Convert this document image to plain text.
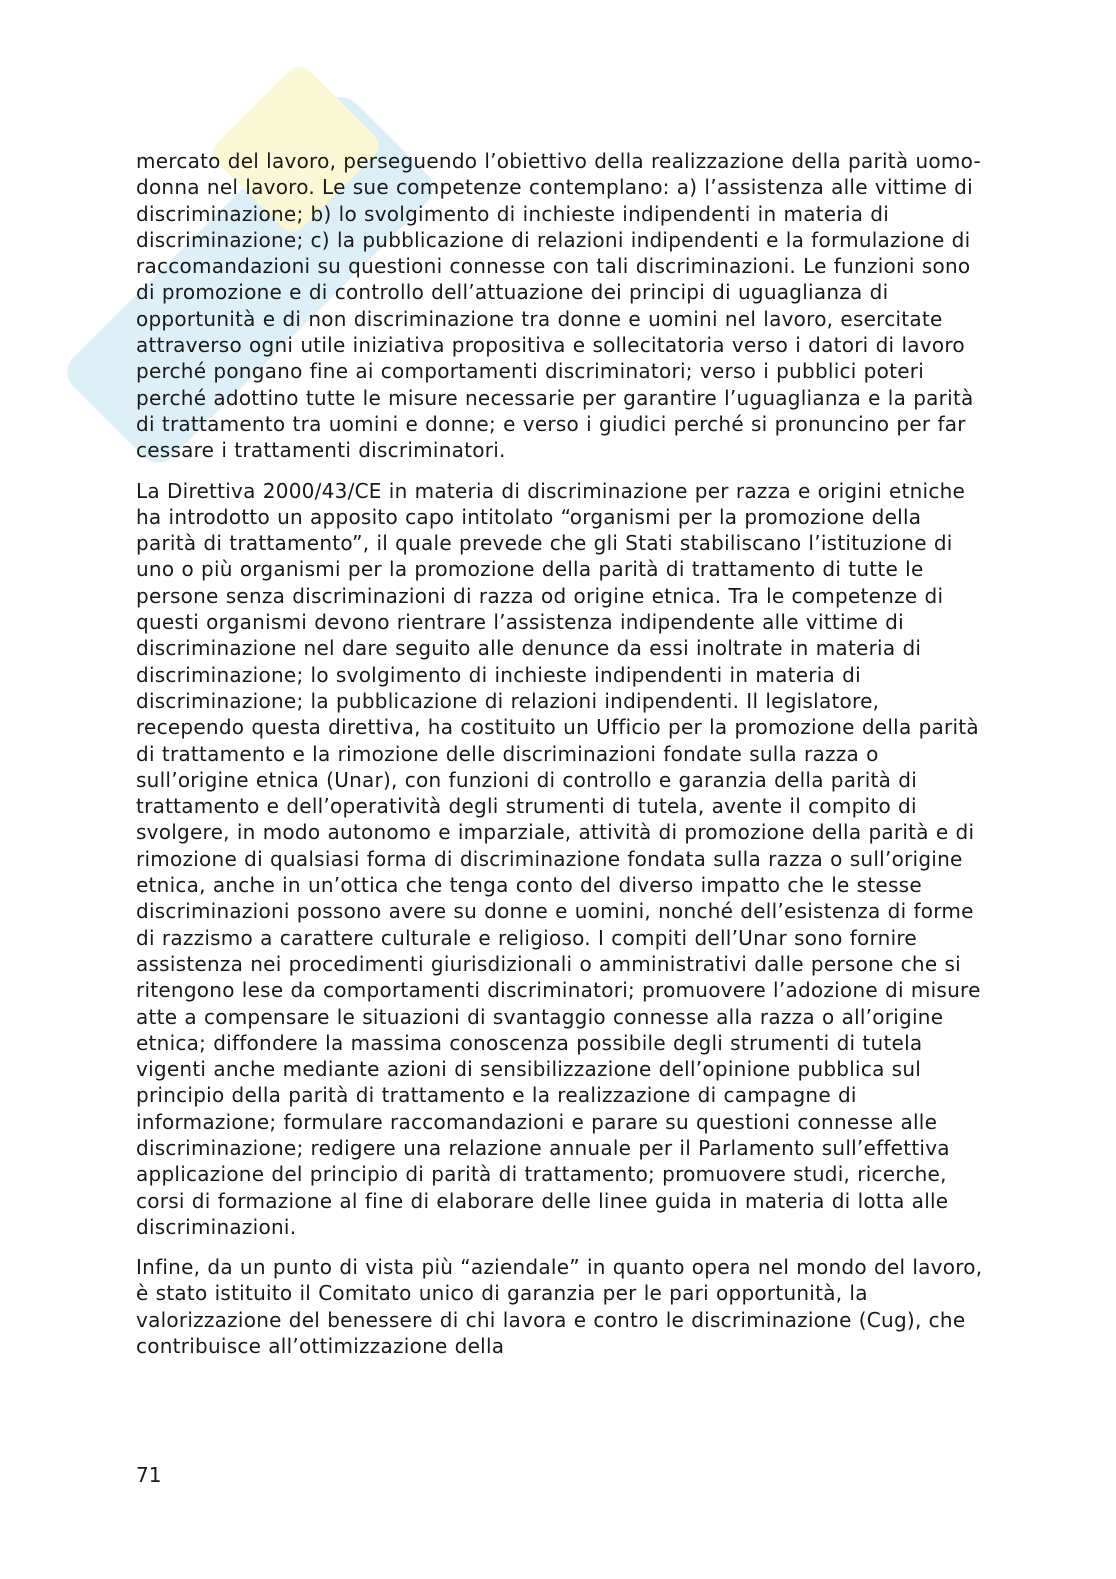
mercato del lavoro, perseguendo l’obiettivo della realizzazione della parità uomo-donna nel lavoro. Le sue competenze contemplano: a) l’assistenza alle vittime di discriminazione; b) lo svolgimento di inchieste indipendenti in materia di discriminazione; c) la pubblicazione di relazioni indipendenti e la formulazione di raccomandazioni su questioni connesse con tali discriminazioni. Le funzioni sono di promozione e di controllo dell’attuazione dei principi di uguaglianza di opportunità e di non discriminazione tra donne e uomini nel lavoro, esercitate attraverso ogni utile iniziativa propositiva e sollecitatoria verso i datori di lavoro perché pongano fine ai comportamenti discriminatori; verso i pubblici poteri perché adottino tutte le misure necessarie per garantire l’uguaglianza e la parità di trattamento tra uomini e donne; e verso i giudici perché si pronuncino per far cessare i trattamenti discriminatori.

La Direttiva 2000/43/CE in materia di discriminazione per razza e origini etniche ha introdotto un apposito capo intitolato “organismi per la promozione della parità di trattamento”, il quale prevede che gli Stati stabiliscano l’istituzione di uno o più organismi per la promozione della parità di trattamento di tutte le persone senza discriminazioni di razza od origine etnica. Tra le competenze di questi organismi devono rientrare l’assistenza indipendente alle vittime di discriminazione nel dare seguito alle denunce da essi inoltrate in materia di discriminazione; lo svolgimento di inchieste indipendenti in materia di discriminazione; la pubblicazione di relazioni indipendenti. Il legislatore, recependo questa direttiva, ha costituito un Ufficio per la promozione della parità di trattamento e la rimozione delle discriminazioni fondate sulla razza o sull’origine etnica (Unar), con funzioni di controllo e garanzia della parità di trattamento e dell’operatività degli strumenti di tutela, avente il compito di svolgere, in modo autonomo e imparziale, attività di promozione della parità e di rimozione di qualsiasi forma di discriminazione fondata sulla razza o sull’origine etnica, anche in un’ottica che tenga conto del diverso impatto che le stesse discriminazioni possono avere su donne e uomini, nonché dell’esistenza di forme di razzismo a carattere culturale e religioso. I compiti dell’Unar sono fornire assistenza nei procedimenti giurisdizionali o amministrativi dalle persone che si ritengono lese da comportamenti discriminatori; promuovere l’adozione di misure atte a compensare le situazioni di svantaggio connesse alla razza o all’origine etnica; diffondere la massima conoscenza possibile degli strumenti di tutela vigenti anche mediante azioni di sensibilizzazione dell’opinione pubblica sul principio della parità di trattamento e la realizzazione di campagne di informazione; formulare raccomandazioni e parare su questioni connesse alle discriminazione; redigere una relazione annuale per il Parlamento sull’effettiva applicazione del principio di parità di trattamento; promuovere studi, ricerche, corsi di formazione al fine di elaborare delle linee guida in materia di lotta alle discriminazioni.

Infine, da un punto di vista più “aziendale” in quanto opera nel mondo del lavoro, è stato istituito il Comitato unico di garanzia per le pari opportunità, la valorizzazione del benessere di chi lavora e contro le discriminazione (Cug), che contribuisce all’ottimizzazione della

71
